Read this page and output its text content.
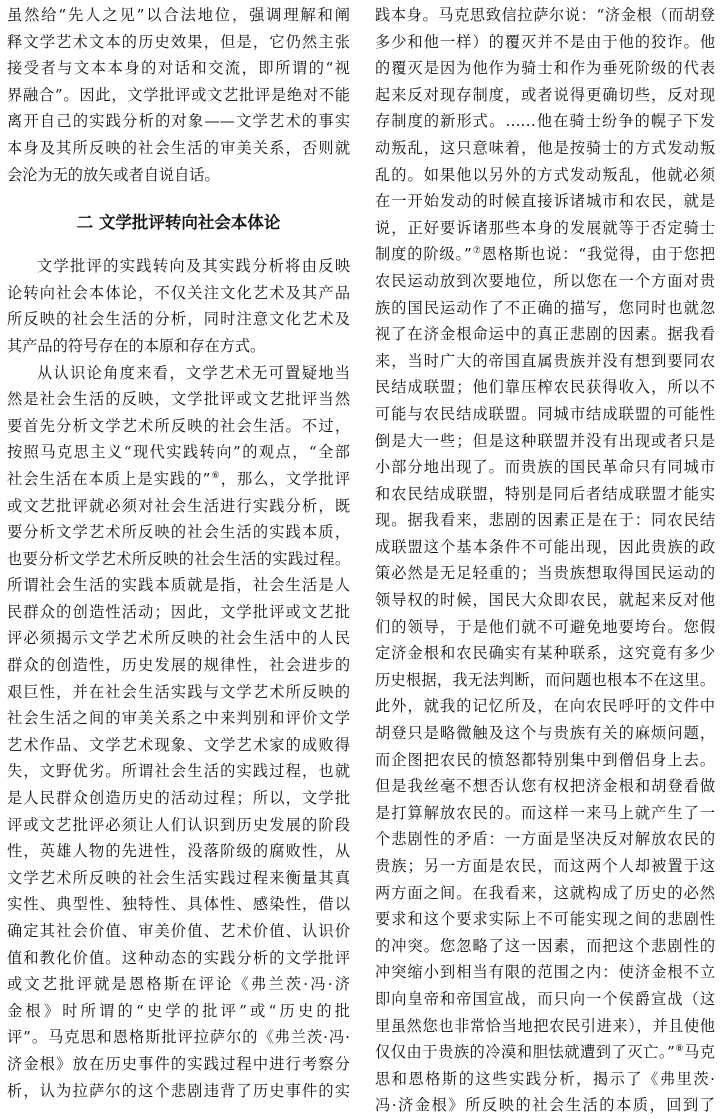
虽然给“先人之见”以合法地位，强调理解和阐
释文学艺术文本的历史效果，但是，它仍然主张
接受者与文本本身的对话和交流，即所谓的“视
界融合”。因此，文学批评或文艺批评是绝对不能
离开自己的实践分析的对象——文学艺术的事实
本身及其所反映的社会生活的审美关系，否则就
会沦为无的放矢或者自说自话。
二 文学批评转向社会本体论
文学批评的实践转向及其实践分析将由反映
论转向社会本体论，不仅关注文化艺术及其产品
所反映的社会生活的分析，同时注意文化艺术及
其产品的符号存在的本原和存在方式。
从认识论角度来看，文学艺术无可置疑地当
然是社会生活的反映，文学批评或文艺批评当然
要首先分析文学艺术所反映的社会生活。不过，
按照马克思主义“现代实践转向”的观点，“全部
社会生活在本质上是实践的”⑥，那么，文学批评
或文艺批评就必须对社会生活进行实践分析，既
要分析文学艺术所反映的社会生活的实践本质，
也要分析文学艺术所反映的社会生活的实践过程。
所谓社会生活的实践本质就是指，社会生活是人
民群众的创造性活动；因此，文学批评或文艺批
评必须揭示文学艺术所反映的社会生活中的人民
群众的创造性，历史发展的规律性，社会进步的
艰巨性，并在社会生活实践与文学艺术所反映的
社会生活之间的审美关系之中来判别和评价文学
艺术作品、文学艺术现象、文学艺术家的成败得
失，文野优劣。所谓社会生活的实践过程，也就
是人民群众创造历史的活动过程；所以，文学批
评或文艺批评必须让人们认识到历史发展的阶段
性，英雄人物的先进性，没落阶级的腐败性，从
文学艺术所反映的社会生活实践过程来衡量其真
实性、典型性、独特性、具体性、感染性，借以
确定其社会价值、审美价值、艺术价值、认识价
值和教化价值。这种动态的实践分析的文学批评
或文艺批评就是恩格斯在评论《弗兰茨·冯·济
金根》时所谓的“史学的批评”或“历史的批
评”。马克思和恩格斯批评拉萨尔的《弗兰茨·冯·
济金根》放在历史事件的实践过程中进行考察分
析，认为拉萨尔的这个悲剧违背了历史事件的实
践本身。马克思致信拉萨尔说：“济金根（而胡登
多少和他一样）的覆灭并不是由于他的狡诈。他
的覆灭是因为他作为骑士和作为垂死阶级的代表
起来反对现存制度，或者说得更确切些，反对现
存制度的新形式。……他在骑士纷争的幌子下发
动叛乱，这只意味着，他是按骑士的方式发动叛
乱的。如果他以另外的方式发动叛乱，他就必须
在一开始发动的时候直接诉诸城市和农民，就是
说，正好要诉诸那些本身的发展就等于否定骑士
制度的阶级。”⑦恩格斯也说：“我觉得，由于您把
农民运动放到次要地位，所以您在一个方面对贵
族的国民运动作了不正确的描写，您同时也就忽
视了在济金根命运中的真正悲剧的因素。据我看
来，当时广大的帝国直属贵族并没有想到要同农
民结成联盟；他们靠压榨农民获得收入，所以不
可能与农民结成联盟。同城市结成联盟的可能性
倒是大一些；但是这种联盟并没有出现或者只是
小部分地出现了。而贵族的国民革命只有同城市
和农民结成联盟，特别是同后者结成联盟才能实
现。据我看来，悲剧的因素正是在于：同农民结
成联盟这个基本条件不可能出现，因此贵族的政
策必然是无足轻重的；当贵族想取得国民运动的
领导权的时候，国民大众即农民，就起来反对他
们的领导，于是他们就不可避免地要垮台。您假
定济金根和农民确实有某种联系，这究竟有多少
历史根据，我无法判断，而问题也根本不在这里。
此外，就我的记忆所及，在向农民呼吁的文件中
胡登只是略微触及这个与贵族有关的麻烦问题，
而企图把农民的愤怒都特别集中到僧侣身上去。
但是我丝毫不想否认您有权把济金根和胡登看做
是打算解放农民的。而这样一来马上就产生了一
个悲剧性的矛盾：一方面是坚决反对解放农民的
贵族；另一方面是农民，而这两个人却被置于这
两方面之间。在我看来，这就构成了历史的必然
要求和这个要求实际上不可能实现之间的悲剧性
的冲突。您忽略了这一因素，而把这个悲剧性的
冲突缩小到相当有限的范围之内：使济金根不立
即向皇帝和帝国宣战，而只向一个侯爵宣战（这
里虽然您也非常恰当地把农民引进来），并且使他
仅仅由于贵族的冷漠和胆怯就遭到了灭亡。”⑧马克
思和恩格斯的这些实践分析，揭示了《弗里茨·
冯·济金根》所反映的社会生活的本质，回到了
